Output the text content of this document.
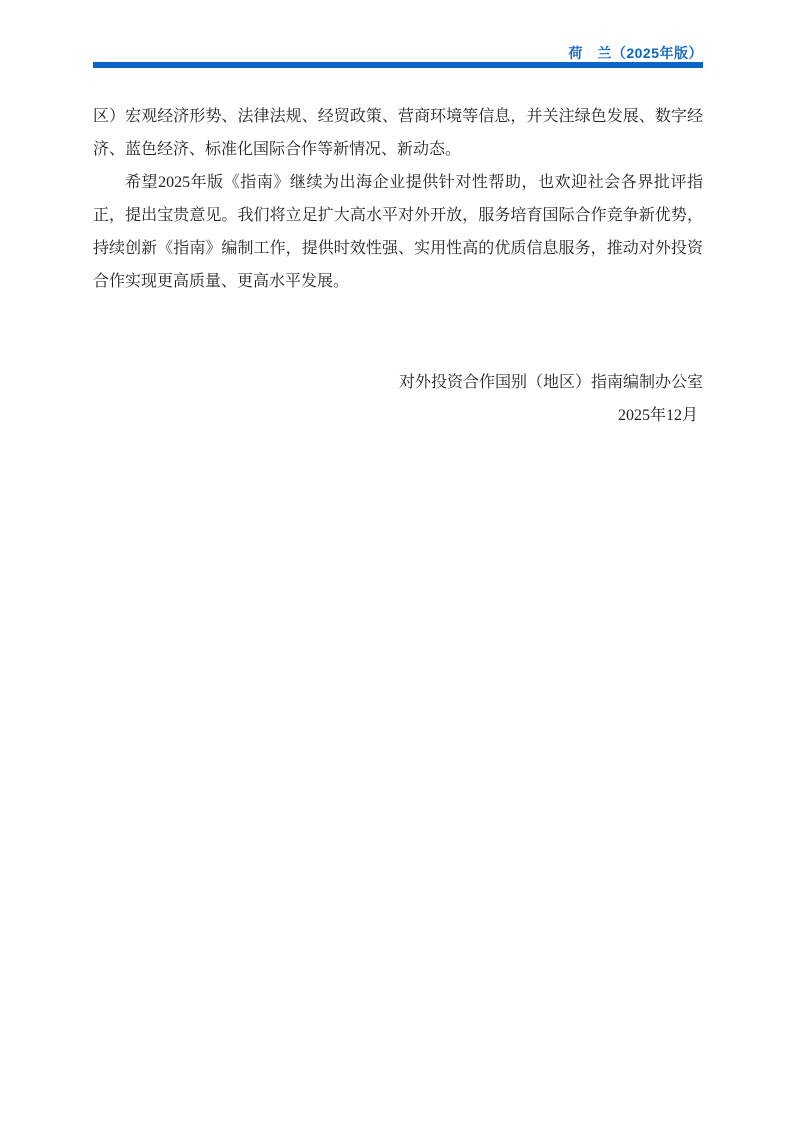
荷　兰（2025年版）

区）宏观经济形势、法律法规、经贸政策、营商环境等信息，并关注绿色发展、数字经济、蓝色经济、标准化国际合作等新情况、新动态。

希望2025年版《指南》继续为出海企业提供针对性帮助，也欢迎社会各界批评指正，提出宝贵意见。我们将立足扩大高水平对外开放，服务培育国际合作竞争新优势，持续创新《指南》编制工作，提供时效性强、实用性高的优质信息服务，推动对外投资合作实现更高质量、更高水平发展。

对外投资合作国别（地区）指南编制办公室

2025年12月
